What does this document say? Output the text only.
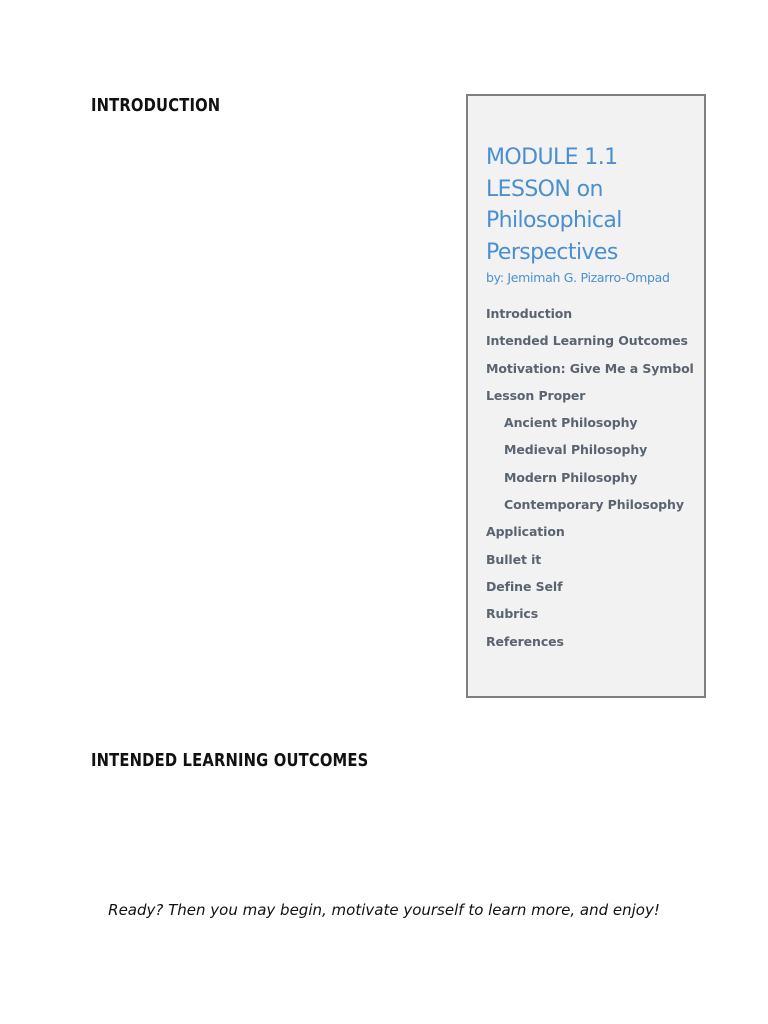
INTRODUCTION
MODULE 1.1
LESSON on
Philosophical
Perspectives

by: Jemimah G. Pizarro-Ompad

Introduction
Intended Learning Outcomes
Motivation: Give Me a Symbol
Lesson Proper
Ancient Philosophy
Medieval Philosophy
Modern Philosophy
Contemporary Philosophy
Application
Bullet it
Define Self
Rubrics
References
INTENDED LEARNING OUTCOMES

Ready? Then you may begin, motivate yourself to learn more, and enjoy!
